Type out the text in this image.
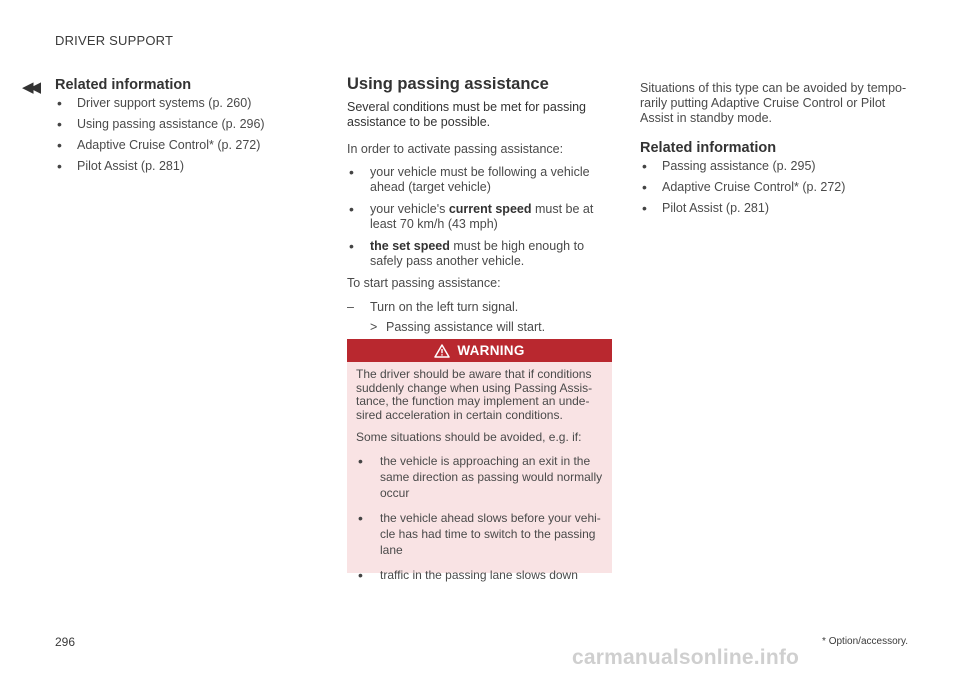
DRIVER SUPPORT
◀◀ Related information
• Driver support systems (p. 260)
• Using passing assistance (p. 296)
• Adaptive Cruise Control* (p. 272)
• Pilot Assist (p. 281)
Using passing assistance

Several conditions must be met for passing assistance to be possible.

In order to activate passing assistance:

• your vehicle must be following a vehicle ahead (target vehicle)
• your vehicle's current speed must be at least 70 km/h (43 mph)
• the set speed must be high enough to safely pass another vehicle.

To start passing assistance:

– Turn on the left turn signal.
> Passing assistance will start.
WARNING

The driver should be aware that if conditions suddenly change when using Passing Assis-tance, the function may implement an unde-sired acceleration in certain conditions.

Some situations should be avoided, e.g. if:

• the vehicle is approaching an exit in the same direction as passing would normally occur
• the vehicle ahead slows before your vehi-cle has had time to switch to the passing lane
• traffic in the passing lane slows down

Situations of this type can be avoided by tempo-rarily putting Adaptive Cruise Control or Pilot Assist in standby mode.

Related information
• Passing assistance (p. 295)
• Adaptive Cruise Control* (p. 272)
• Pilot Assist (p. 281)
296	* Option/accessory.
carmanualsonline.info
